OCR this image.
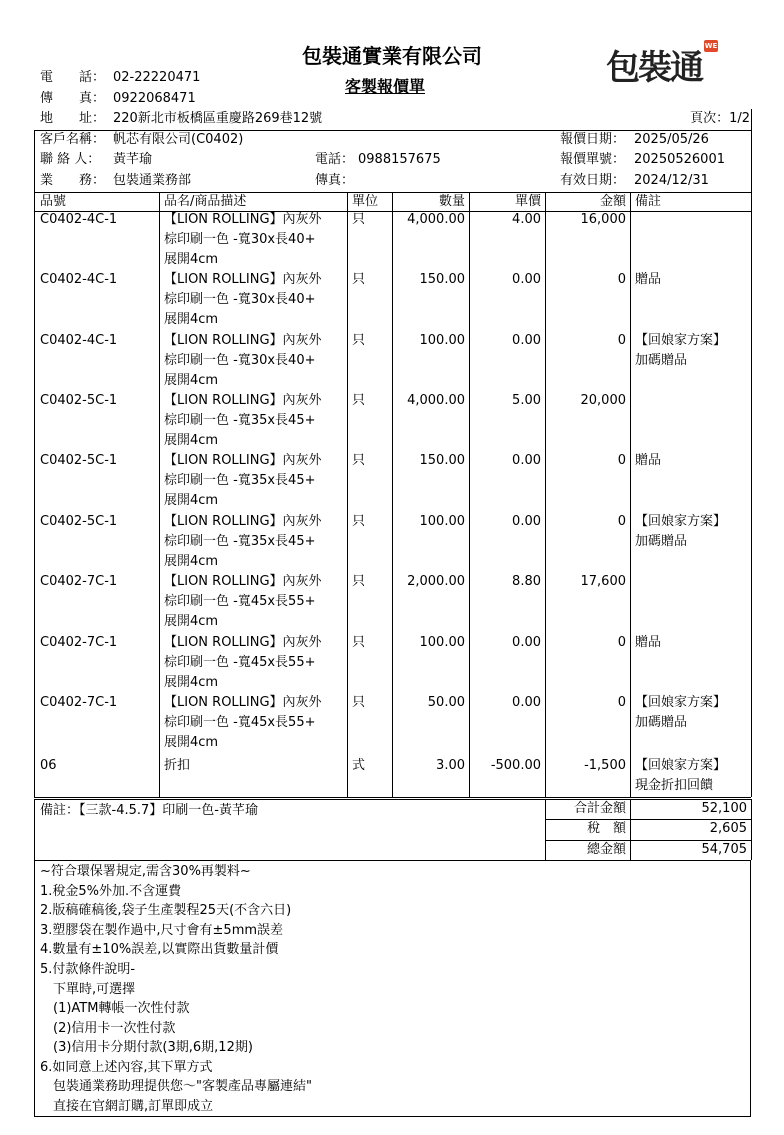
包裝通實業有限公司
客製報價單	包裝通
WE
電　　話： 02-22220471
傳　　真： 0922068471
地　　址： 220新北市板橋區重慶路269巷12號	頁次：1/2
客戶名稱： 帆芯有限公司(C0402)	報價日期： 2025/05/26
聯 絡 人： 黃芊瑜	電話： 0988157675	報價單號： 20250526001
業　　務： 包裝通業務部	傳真：	有效日期： 2024/12/31
品號	品名/商品描述	單位	數量	單價	金額 備註
C0402-4C-1	【LION ROLLING】內灰外
棕印刷一色 -寬30x長40+
展開4cm
只	4,000.00	4.00	16,000
C0402-4C-1	【LION ROLLING】內灰外
棕印刷一色 -寬30x長40+
展開4cm
只	150.00	0.00	0 贈品
C0402-4C-1	【LION ROLLING】內灰外
棕印刷一色 -寬30x長40+
展開4cm
只	100.00	0.00	0 【回娘家方案】
加碼贈品
C0402-5C-1	【LION ROLLING】內灰外
棕印刷一色 -寬35x長45+
展開4cm
只	4,000.00	5.00	20,000
C0402-5C-1	【LION ROLLING】內灰外
棕印刷一色 -寬35x長45+
展開4cm
只	150.00	0.00	0 贈品
C0402-5C-1	【LION ROLLING】內灰外
棕印刷一色 -寬35x長45+
展開4cm
只	100.00	0.00	0 【回娘家方案】
加碼贈品
C0402-7C-1	【LION ROLLING】內灰外
棕印刷一色 -寬45x長55+
展開4cm
只	2,000.00	8.80	17,600
C0402-7C-1	【LION ROLLING】內灰外
棕印刷一色 -寬45x長55+
展開4cm
只	100.00	0.00	0 贈品
C0402-7C-1	【LION ROLLING】內灰外
棕印刷一色 -寬45x長55+
展開4cm
只	50.00	0.00	0 【回娘家方案】
加碼贈品
06	折扣	式	3.00	-500.00	-1,500 【回娘家方案】
現金折扣回饋
備註：【三款-4.5.7】印刷一色-黃芊瑜	合計金額	52,100
稅　額	2,605
總金額	54,705
~符合環保署規定,需含30%再製料~
1.稅金5%外加.不含運費
2.版稿確稿後,袋子生產製程25天(不含六日)
3.塑膠袋在製作過中,尺寸會有±5mm誤差
4.數量有±10%誤差,以實際出貨數量計價
5.付款條件說明-
　下單時,可選擇
　(1)ATM轉帳一次性付款
　(2)信用卡一次性付款
　(3)信用卡分期付款(3期,6期,12期)
6.如同意上述內容,其下單方式
　包裝通業務助理提供您～"客製產品專屬連結"
　直接在官網訂購,訂單即成立
